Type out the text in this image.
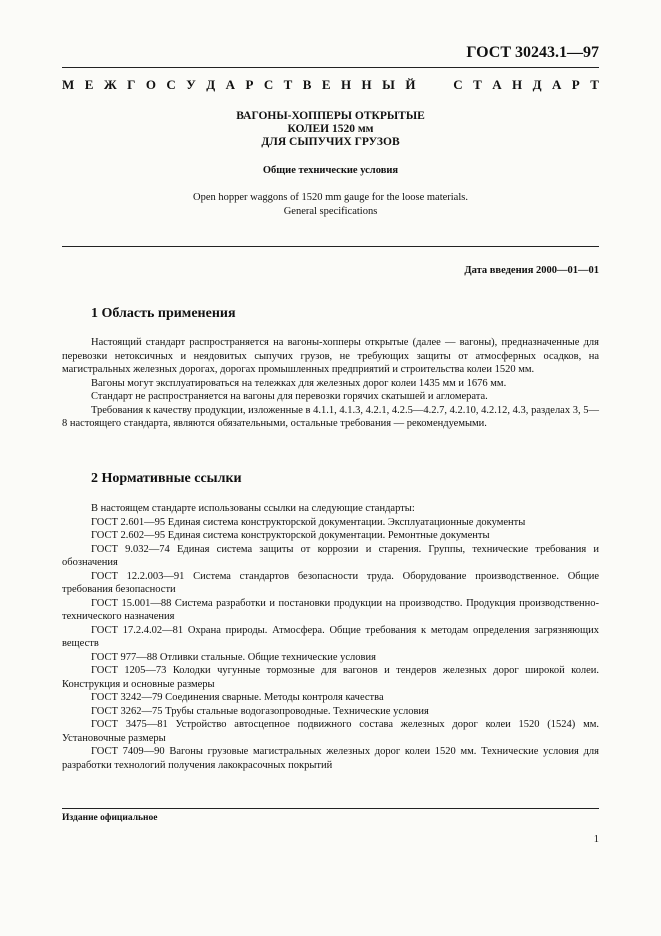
ГОСТ 30243.1—97
М Е Ж Г О С У Д А Р С Т В Е Н Н Ы Й

	С Т А Н Д А Р Т
ВАГОНЫ-ХОППЕРЫ ОТКРЫТЫЕ
КОЛЕИ 1520 мм
ДЛЯ СЫПУЧИХ ГРУЗОВ
Общие технические условия
Open hopper waggons of 1520 mm gauge for the loose materials.
General specifications
Дата введения 2000—01—01
1 Область применения

Настоящий стандарт распространяется на вагоны-хопперы открытые (далее — вагоны), предназначенные для перевозки нетоксичных и неядовитых сыпучих грузов, не требующих защиты от атмосферных осадков, на магистральных железных дорогах, дорогах промышленных предприятий и строительства колеи 1520 мм.

Вагоны могут эксплуатироваться на тележках для железных дорог колеи 1435 мм и 1676 мм.

Стандарт не распространяется на вагоны для перевозки горячих скатышей и агломерата.

Требования к качеству продукции, изложенные в 4.1.1, 4.1.3, 4.2.1, 4.2.5—4.2.7, 4.2.10, 4.2.12, 4.3, разделах 3, 5—8 настоящего стандарта, являются обязательными, остальные требования — рекомендуемыми.

2 Нормативные ссылки

В настоящем стандарте использованы ссылки на следующие стандарты:

ГОСТ 2.601—95 Единая система конструкторской документации. Эксплуатационные документы

ГОСТ 2.602—95 Единая система конструкторской документации. Ремонтные документы

ГОСТ 9.032—74 Единая система защиты от коррозии и старения. Группы, технические требования и обозначения

ГОСТ 12.2.003—91 Система стандартов безопасности труда. Оборудование производственное. Общие требования безопасности

ГОСТ 15.001—88 Система разработки и постановки продукции на производство. Продукция производственно-технического назначения

ГОСТ 17.2.4.02—81 Охрана природы. Атмосфера. Общие требования к методам определения загрязняющих веществ

ГОСТ 977—88 Отливки стальные. Общие технические условия

ГОСТ 1205—73 Колодки чугунные тормозные для вагонов и тендеров железных дорог широкой колеи. Конструкция и основные размеры

ГОСТ 3242—79 Соединения сварные. Методы контроля качества

ГОСТ 3262—75 Трубы стальные водогазопроводные. Технические условия

ГОСТ 3475—81 Устройство автосцепное подвижного состава железных дорог колеи 1520 (1524) мм. Установочные размеры

ГОСТ 7409—90 Вагоны грузовые магистральных железных дорог колеи 1520 мм. Технические условия для разработки технологий получения лакокрасочных покрытий

Издание официальное
1
